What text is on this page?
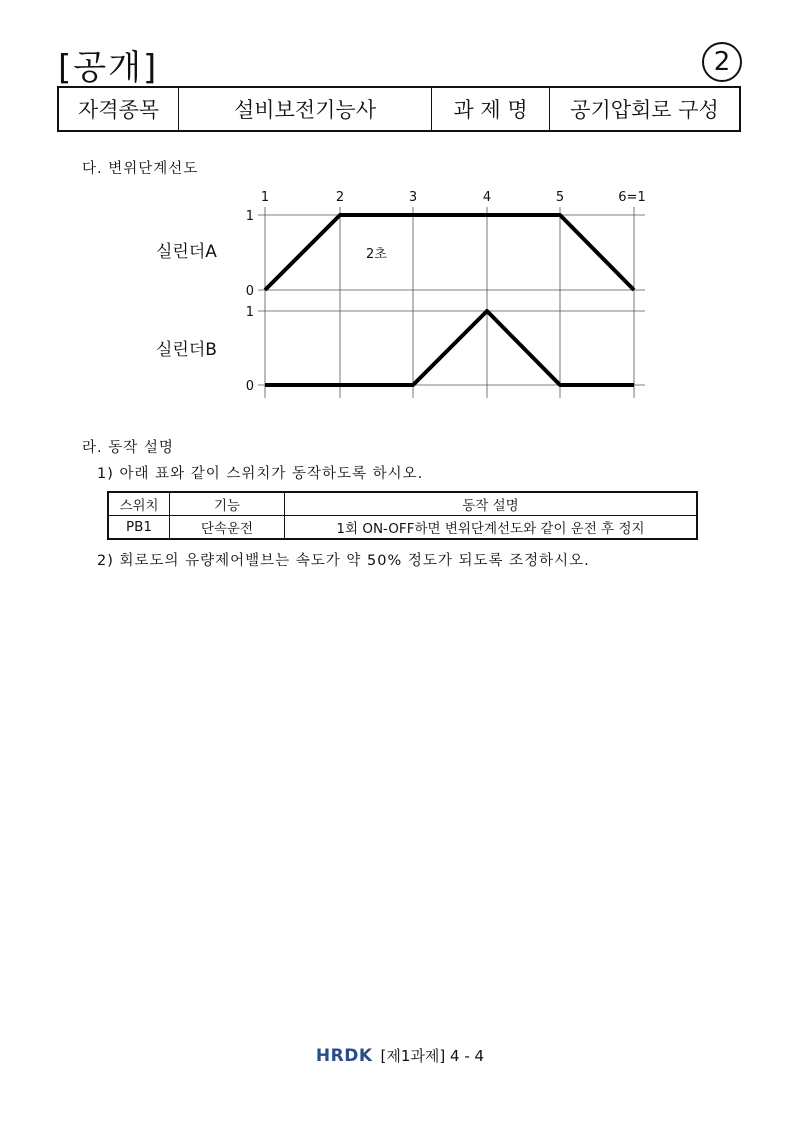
[공개]	2
자격종목	설비보전기능사	과 제 명	공기압회로 구성
다. 변위단계선도
1	2	3	4	5	6=1
1
0
1
0
실린더A
실린더B
2초
라. 동작 설명
1) 아래 표와 같이 스위치가 동작하도록 하시오.
스위치	기능	동작 설명
PB1	단속운전	1회 ON-OFF하면 변위단계선도와 같이 운전 후 정지
2) 회로도의 유량제어밸브는 속도가 약 50% 정도가 되도록 조정하시오.
HRDK [제1과제] 4 - 4
